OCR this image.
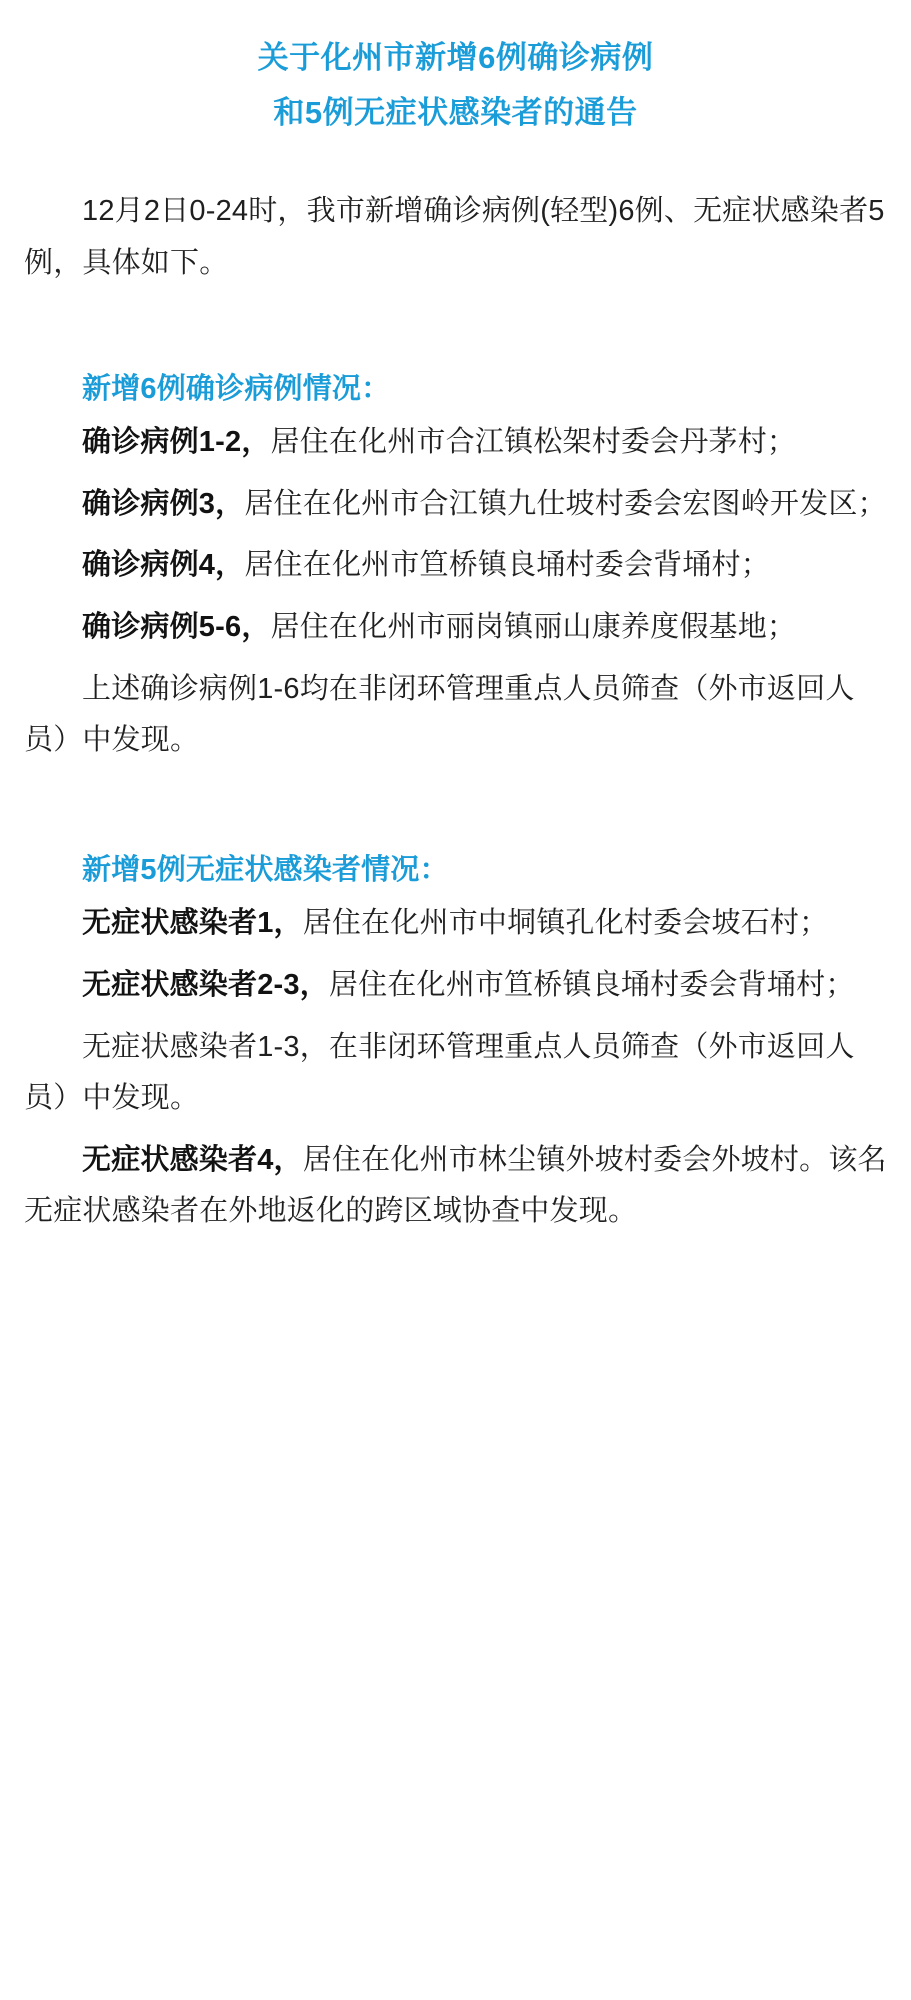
关于化州市新增6例确诊病例
和5例无症状感染者的通告

12月2日0-24时，我市新增确诊病例(轻型)6例、无症状感染者5例，具体如下。

新增6例确诊病例情况：

确诊病例1-2，居住在化州市合江镇松架村委会丹茅村；

确诊病例3，居住在化州市合江镇九仕坡村委会宏图岭开发区；

确诊病例4，居住在化州市笪桥镇良埇村委会背埇村；

确诊病例5-6，居住在化州市丽岗镇丽山康养度假基地；

上述确诊病例1-6均在非闭环管理重点人员筛查（外市返回人员）中发现。

新增5例无症状感染者情况：

无症状感染者1，居住在化州市中垌镇孔化村委会坡石村；

无症状感染者2-3，居住在化州市笪桥镇良埇村委会背埇村；

无症状感染者1-3，在非闭环管理重点人员筛查（外市返回人员）中发现。

无症状感染者4，居住在化州市林尘镇外坡村委会外坡村。该名无症状感染者在外地返化的跨区域协查中发现。
